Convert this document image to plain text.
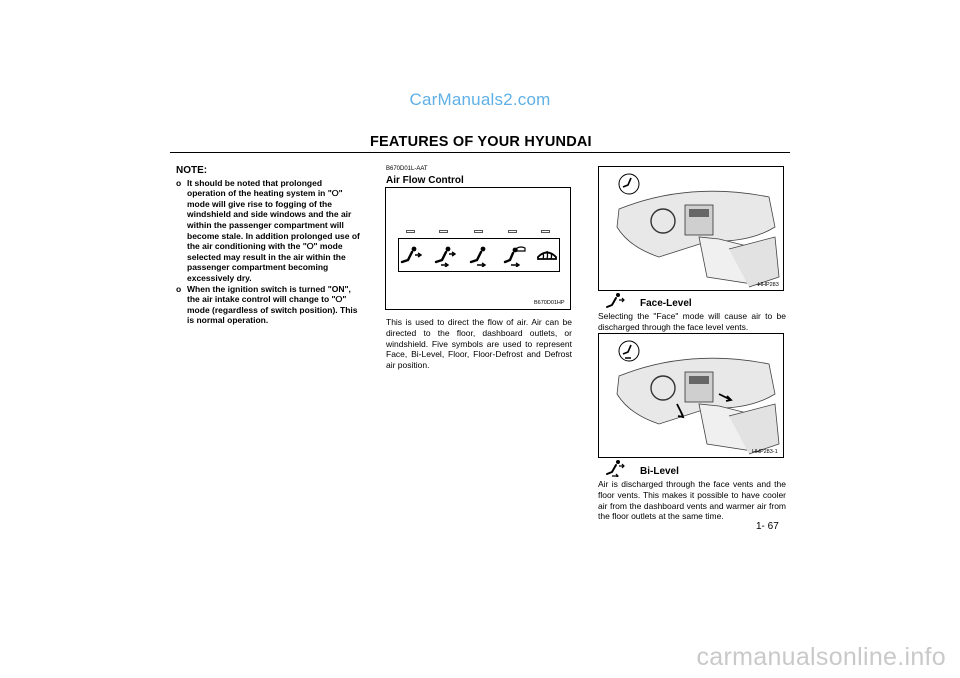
CarManuals2.com
FEATURES OF YOUR HYUNDAI
NOTE:

o It should be noted that prolonged operation of the heating system in "⭘" mode will give rise to fogging of the windshield and side windows and the air within the passenger compartment will become stale. In addition prolonged use of the air conditioning with the "⭘" mode selected may result in the air within the passenger compartment becoming excessively dry.

o When the ignition switch is turned "ON", the air intake control will change to "⭘" mode (regardless of switch position). This is normal operation.

B670D01L-AAT
Air Flow Control
B670D01HP
This is used to direct the flow of air. Air can be directed to the floor, dashboard outlets, or windshield. Five symbols are used to represent Face, Bi-Level, Floor, Floor-Defrost and Defrost air position.
HHP283
Face-Level
Selecting the "Face" mode will cause air to be discharged through the face level vents.
HHP283-1
Bi-Level
Air is discharged through the face vents and the floor vents. This makes it possible to have cooler air from the dashboard vents and warmer air from the floor outlets at the same time.
1- 67
carmanualsonline.info
